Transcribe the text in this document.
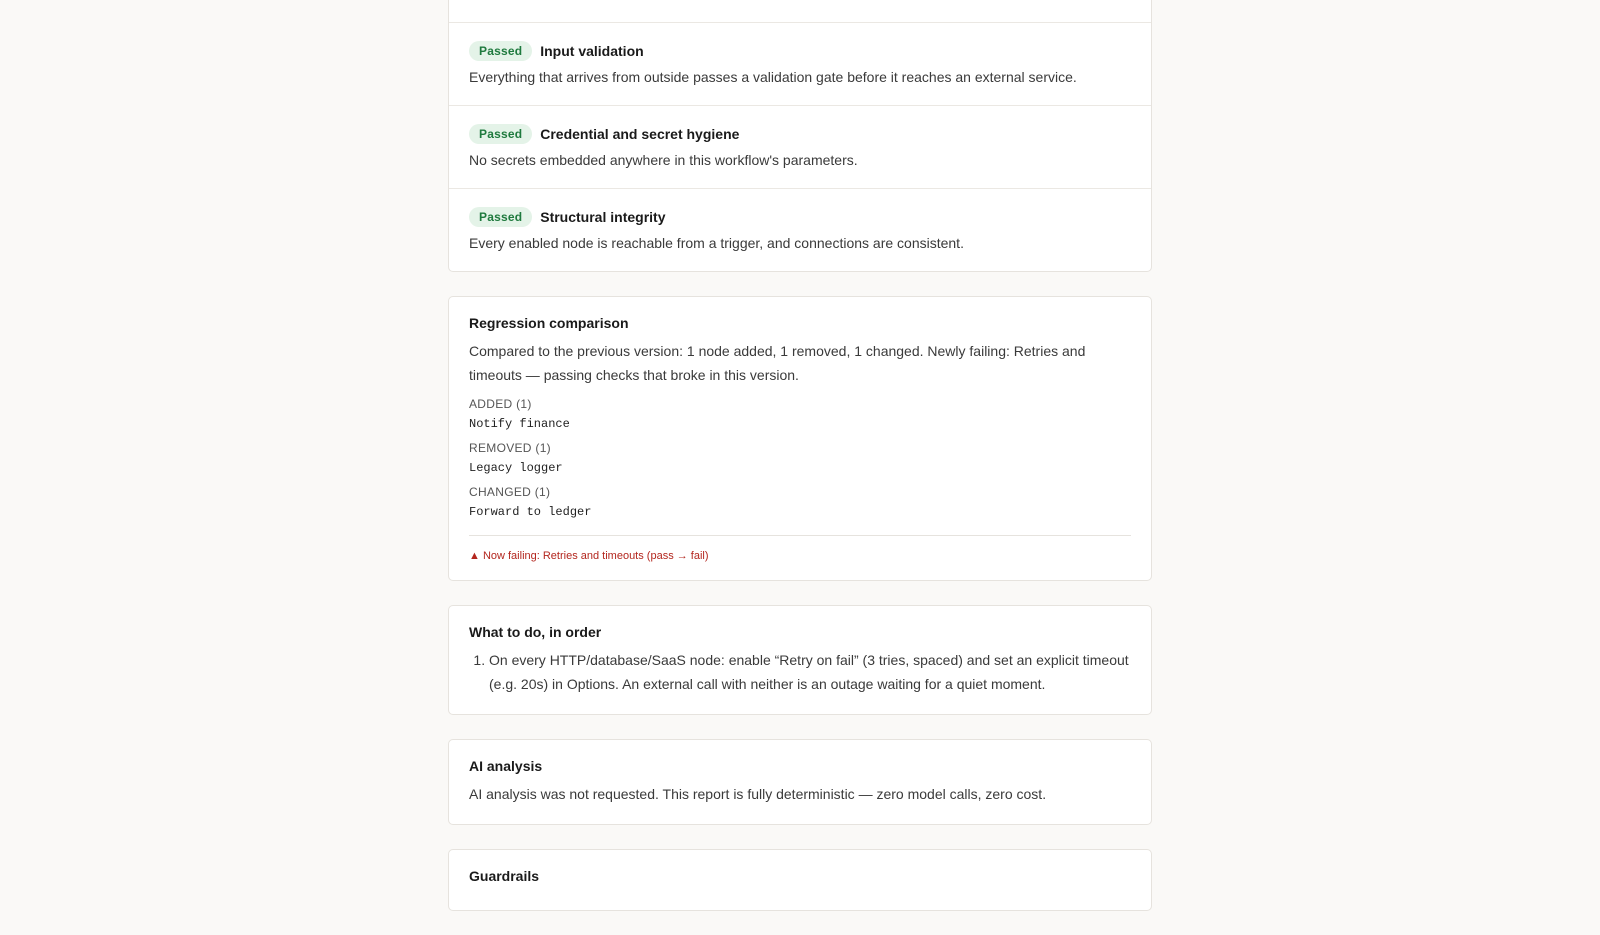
Passed	Input validation
Everything that arrives from outside passes a validation gate before it reaches an external service.
Passed	Credential and secret hygiene
No secrets embedded anywhere in this workflow's parameters.
Passed	Structural integrity
Every enabled node is reachable from a trigger, and connections are consistent.
Regression comparison

Compared to the previous version: 1 node added, 1 removed, 1 changed. Newly failing: Retries and timeouts — passing checks that broke in this version.

ADDED (1)
Notify finance
REMOVED (1)
Legacy logger
CHANGED (1)
Forward to ledger
▲ Now failing: Retries and timeouts (pass → fail)
What to do, in order
1. On every HTTP/database/SaaS node: enable “Retry on fail” (3 tries, spaced) and set an explicit timeout (e.g. 20s) in Options. An external call with neither is an outage waiting for a quiet moment.
AI analysis

AI analysis was not requested. This report is fully deterministic — zero model calls, zero cost.

Guardrails
